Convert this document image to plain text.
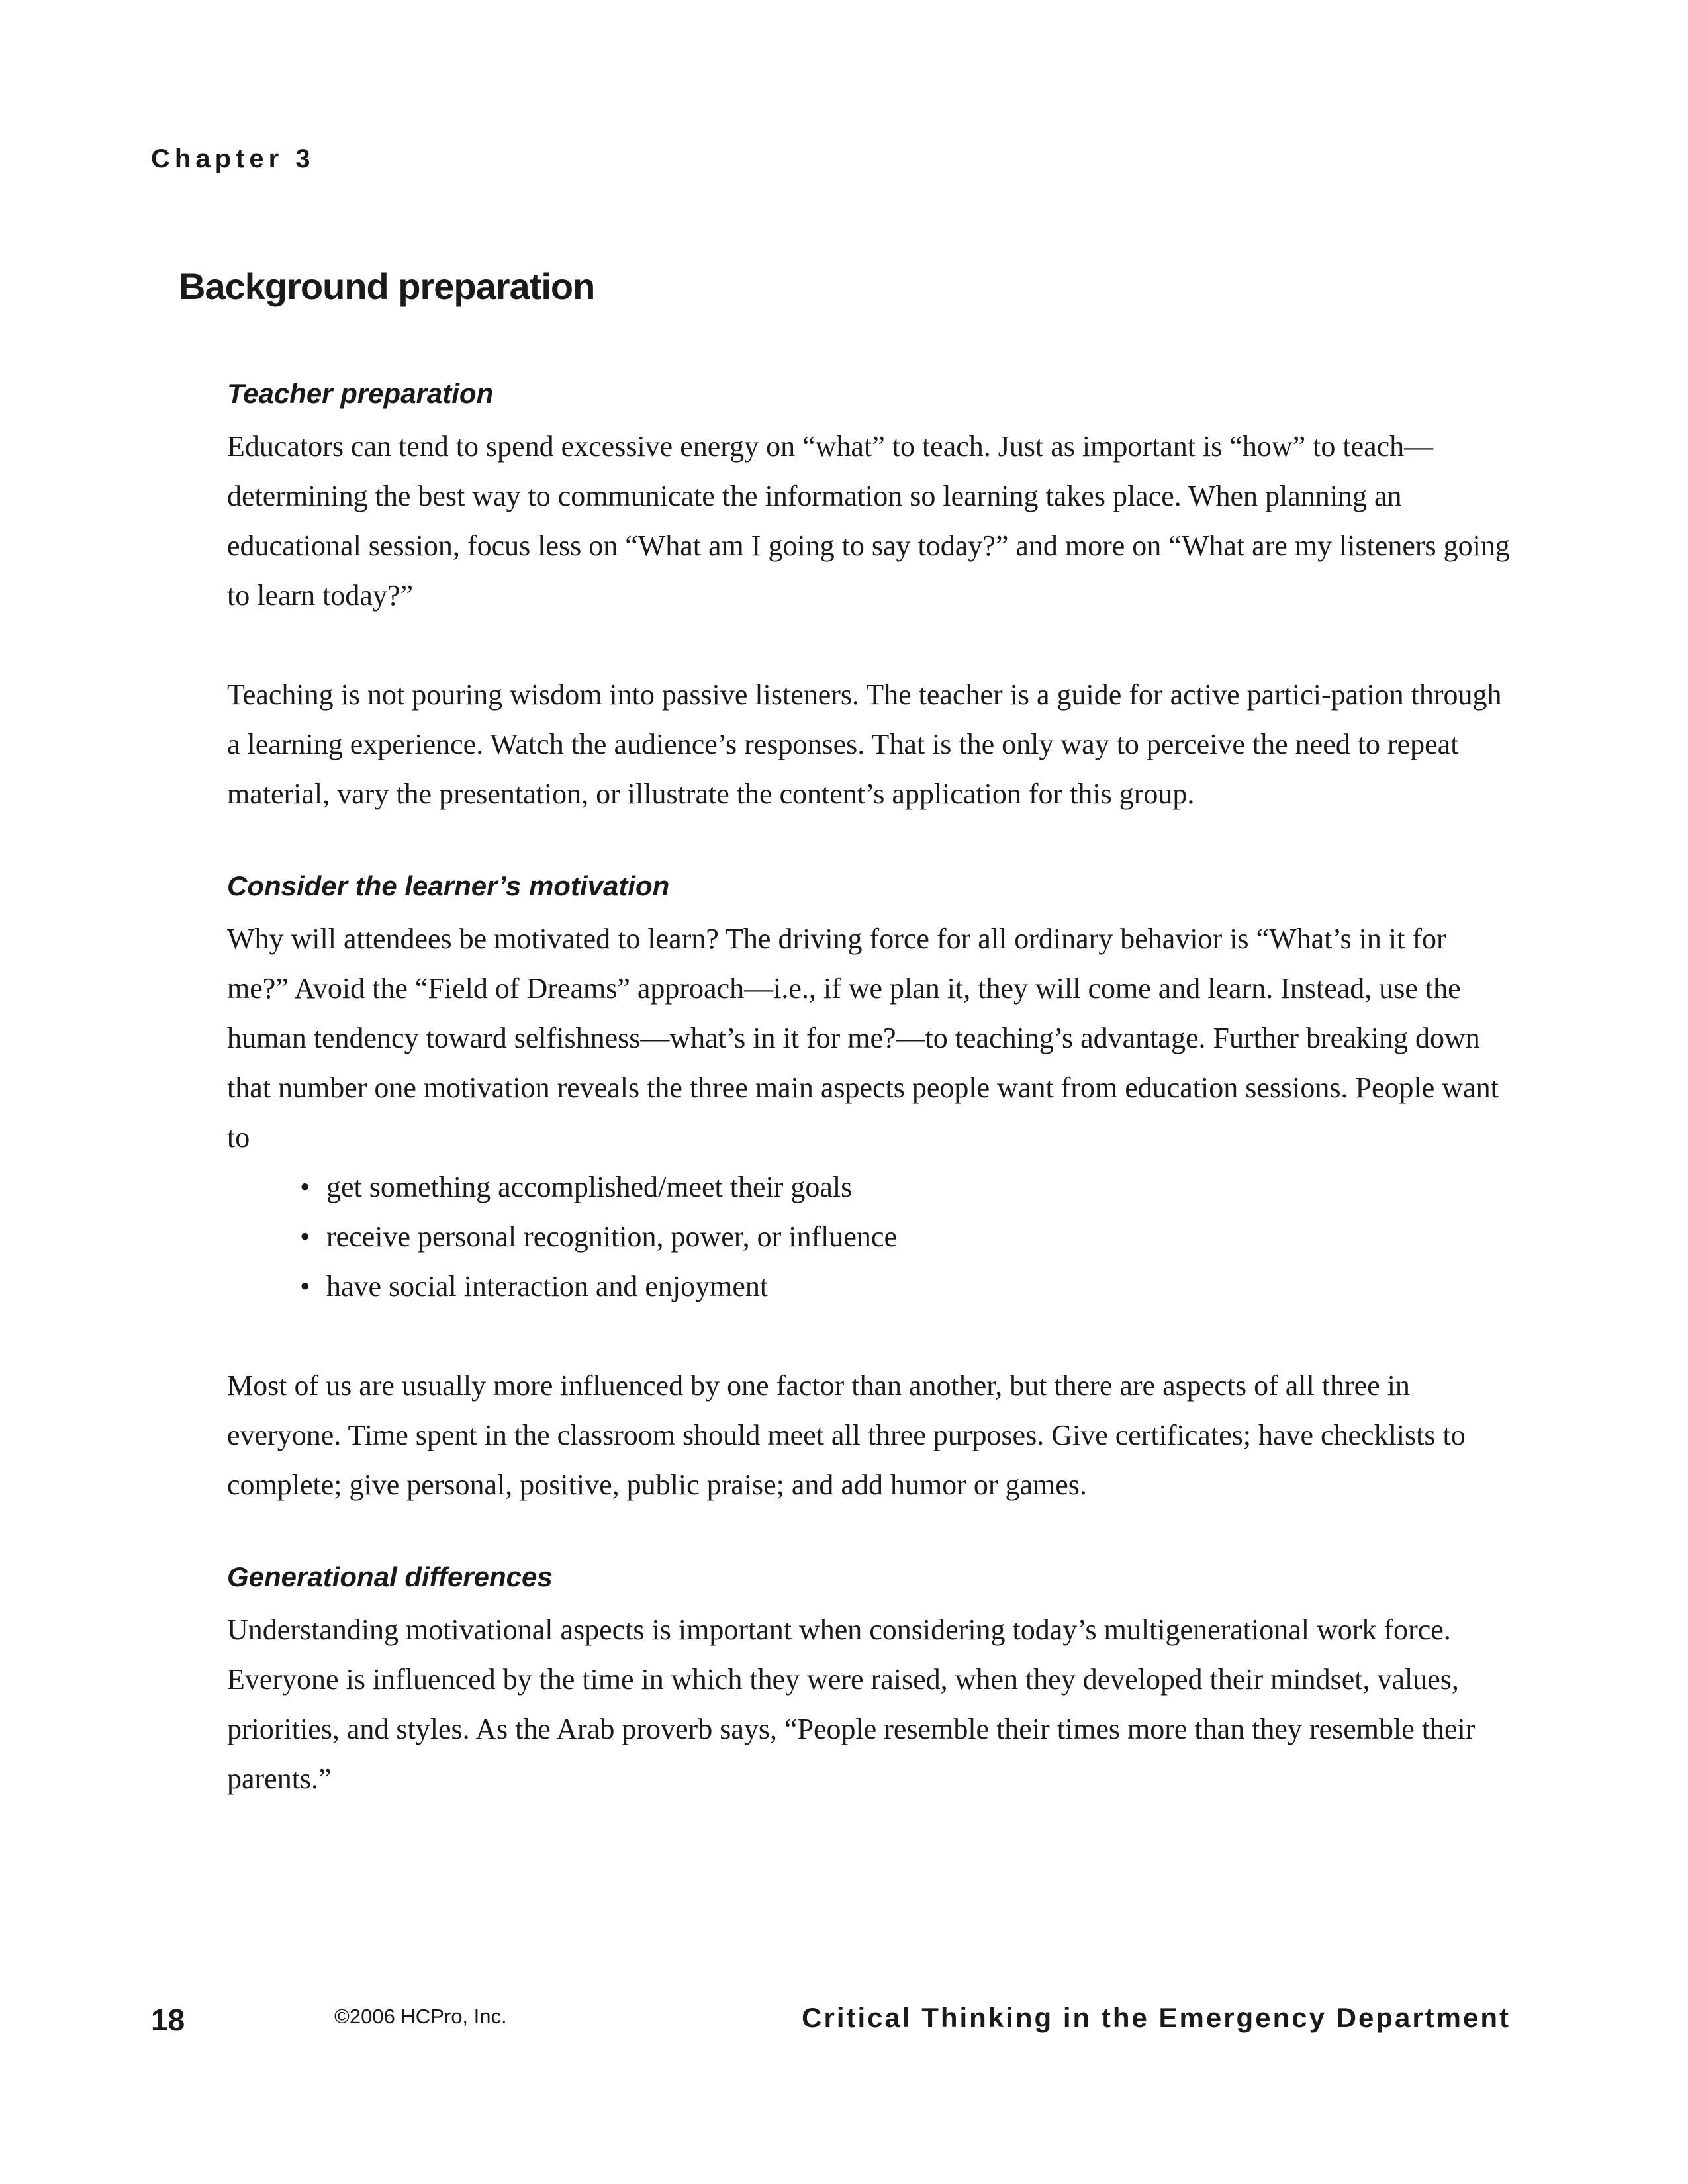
Chapter 3
Background preparation
Teacher preparation

Educators can tend to spend excessive energy on “what” to teach. Just as important is “how” to teach—determining the best way to communicate the information so learning takes place. When planning an educational session, focus less on “What am I going to say today?” and more on “What are my listeners going to learn today?”

Teaching is not pouring wisdom into passive listeners. The teacher is a guide for active partici-pation through a learning experience. Watch the audience’s responses. That is the only way to perceive the need to repeat material, vary the presentation, or illustrate the content’s application for this group.

Consider the learner’s motivation

Why will attendees be motivated to learn? The driving force for all ordinary behavior is “What’s in it for me?” Avoid the “Field of Dreams” approach—i.e., if we plan it, they will come and learn. Instead, use the human tendency toward selfishness—what’s in it for me?—to teaching’s advantage. Further breaking down that number one motivation reveals the three main aspects people want from education sessions. People want to

• get something accomplished/meet their goals
• receive personal recognition, power, or influence
• have social interaction and enjoyment

Most of us are usually more influenced by one factor than another, but there are aspects of all three in everyone. Time spent in the classroom should meet all three purposes. Give certificates; have checklists to complete; give personal, positive, public praise; and add humor or games.

Generational differences

Understanding motivational aspects is important when considering today’s multigenerational work force. Everyone is influenced by the time in which they were raised, when they developed their mindset, values, priorities, and styles. As the Arab proverb says, “People resemble their times more than they resemble their parents.”

18	©2006 HCPro, Inc.	Critical Thinking in the Emergency Department
